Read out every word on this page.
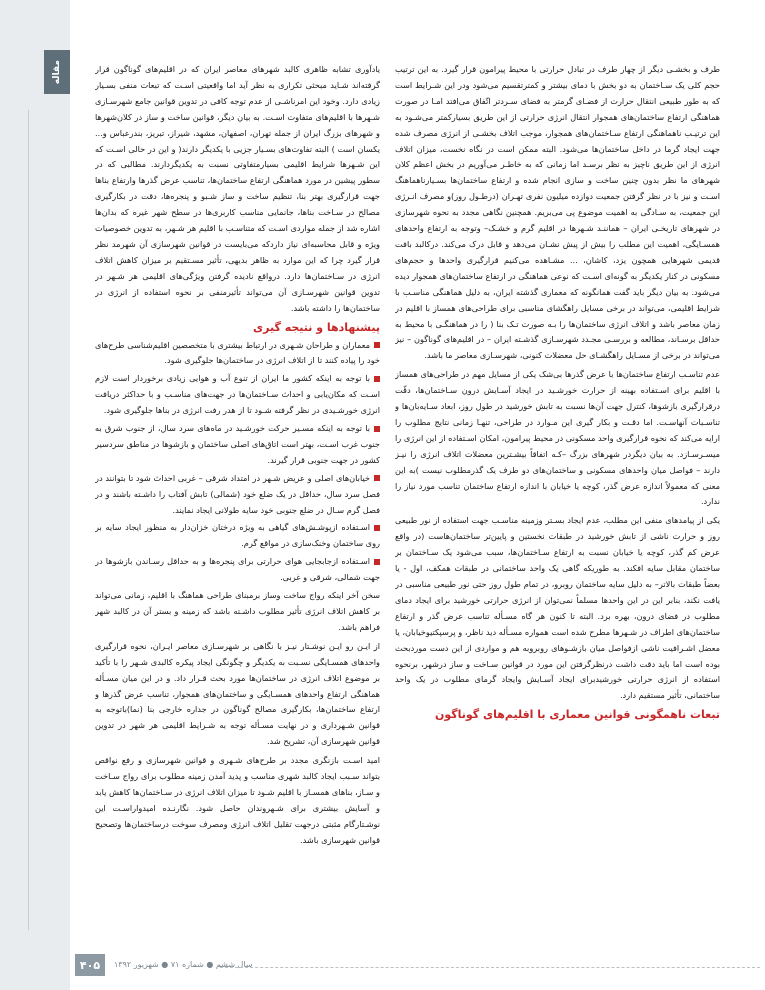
مقاله	طرف و بخشـی دیگر از چهار طرف در تبادل حرارتی با محیط پیرامون قرار گیرد. به این ترتیب حجم کلی یک سـاختمان به دو بخش با دمای بیشتر و کمترتقسیم می‌شود ودر این شـرایط است که به طور طبیعی انتقال حرارت از فضـای گرمتر به فضای سـردتر اتّفاق می‌افتد امـا در صورت هماهنگی ارتفاع ساختمان‌های همجوار انتقال انرژی حرارتی از این طریق بسیارکمتر می‌شـود به این ترتیـب ناهماهنگی ارتفاع سـاختمان‌های همجوار، موجب اتلاف بخشـی از انرژی مصرف شده جهت ایجاد گرما در داخل ساختمان‌ها می‌شود. البته ممکن است در نگاه نخست، میزان اتلاف انرژی از این طریق ناچیز به نظر برسـد اما زمانی که به خاطـر می‌آوریم در بخش اعظم کلان شهرهای ما نظر بدون چنین ساخت و سازی انجام شده و ارتفاع ساختمان‌ها بسـیارناهماهنگ اسـت و نیز با در نظر گرفتن جمعیت دوازده میلیون نفری تهـران (درطـول روز)و مصرف انـرژی این جمعیت، به سـادگی به اهمیت موضوع پی می‌بریم. همچنین نگاهی مجدد به نحوه شهرسازی در شهرهای تاریخـی ایران – هماننـد شـهرها در اقلیم گرم و خشـک– وتوجه به ارتفاع واحدهای همسـایگی، اهمیت این مطلب را بیش از پیش نشـان می‌دهد و قابل درک می‌کند. درکالبد بافت قدیمی شهرهایی همچون یزد، کاشان، ... مشـاهده می‌کنیم قرارگیری واحدها و حجم‌های مسکونی در کنار یکدیگر به گونه‌ای اسـت که نوعی هماهنگی در ارتفاع ساختمان‌های همجوار دیده می‌شود. به بیان دیگر باید گفت همانگونه که معماری گذشته ایران، به دلیل هماهنگی مناسـب با شرایط اقلیمی، می‌تواند در برخی مسایل راهگشای مناسبی برای طراحی‌های همساز با اقلیم در زمان معاصر باشد و اتلاف انرژی ساختمان‌ها را بـه صورت تـک بنا ( را در هماهنگـی با محیط به حداقل برسـاند، مطالعه و بررسـی مجـدد شهرسـازی گذشـته ایران – در اقلیم‌های گوناگون – نیز می‌تواند در برخی از مسـایل راهگشـای حل معضلات کنونی، شهرسـازی معاصر ما باشد.

عدم تناسـب ارتفاع ساختمان‌ها با عرض گذرها بی‌شک یکی از مسایل مهم در طراحی‌های همساز با اقلیم برای اسـتفاده بهینه از حرارت خورشـید در ایجاد آسـایش درون سـاختمان‌ها، دقّت درقرارگیری بازشوها، کنترل جهت آن‌ها نسبت به تابش خورشید در طول روز، ابعاد سـایه‌بان‌ها و تناسـبات آنهاسـت. اما دقـت و بکار گیری این مـوارد در طراحی، تنهـا زمانی نتایج مطلوب را ارایه می‌کند که نحوه قرارگیری واحد مسکونی در محیط پیرامون، امکان اسـتفاده از این انرژی را میسـرسـازد. به بیان دیگردر شهرهای بزرگ –کـه اتفاقاً بیشـترین معضلات اتلاف انرژی را نیـز دارند – فواصل میان واحدهای مسکونی و ساختمان‌های دو طرف یک گذرمطلوب نیست )به این معنی که معمولاً اندازه عرض گذر، کوچه یا خیابان با اندازه ارتفاع ساختمان تناسب مورد نیاز را ندارد.

یکی از پیامدهای منفی این مطلب، عدم ایجاد بسـتر وزمینه مناسـب جهت استفاده از نور طبیعی روز و حرارت ناشی از تابش خورشید در طبقات نخستین و پایین‌تر ساختمان‌هاست (در واقع عرض کم گذر، کوچه یا خیابان نسبت به ارتفاع سـاختمان‌ها، سبب می‌شود یک سـاختمان بر ساختمان مقابل سایه افکند. به طوریکه گاهی یک واحد ساختمانی در طبقات همکف، اول - یا بعضاً طبقات بالاتر– به دلیل سایه ساختمان روبرو، در تمام طول روز حتی نور طبیعی مناسبی در یافت نکند، بنابر این در این واحدها مسلماً نمی‌توان از انرژی حرارتی خورشید برای ایجاد دمای مطلوب در فضای درون، بهره برد. البته تا کنون هر گاه مسـأله تناسب عرض گذر و ارتفاع ساختمان‌های اطراف در شـهرها مطرح شده است همواره مسـأله دید ناظر، و پرسپکتیوخیابان، یا معضل اشـرافیت ناشی ازفواصل میان بازشـوهای روبروبه هم و مواردی از این دست موردبحث بوده است اما باید دقت داشت درنظرگرفتن این مورد در قوانین سـاخت و ساز درشهر، برنحوه استفاده از انرژی حرارتی خورشیدبرای ایجاد آسـایش وایجاد گرمای مطلوب در یک واحد ساختمانی، تأثیر مستقیم دارد.

تبعات ناهمگونی قوانین معماری با اقلیم‌های گوناگون

یادآوری تشابه ظاهری کالبد شهرهای معاصر ایران که در اقلیم‌های گوناگون قرار گرفته‌اند شـاید مبحثی تکراری به نظر آید اما واقعیتی اسـت که تبعات منفی بسـیار زیادی دارد. وخود این امرناشـی از عدم توجه کافی در تدوین قوانین جامع شهرسـازی شـهرها با اقلیم‌های متفاوت اسـت. به بیان دیگر، قوانین ساخت و ساز در کلان‌شهرها و شهرهای بزرگ ایران از جمله تهران، اصفهان، مشهد، شیراز، تبریز، بندرعباس و... یکسان است ) البته تفاوت‌های بسـیار جزیی با یکدیگر دارند( و این در حالی اسـت که این شـهرها شرایط اقلیمی بسیارمتفاوتی نسبت به یکدیگردارند. مطالبی که در سطور پیشین در مورد هماهنگی ارتفاع ساختمان‌ها، تناسب عرض گذرها وارتفاع بناها جهت قرارگیری بهتر بنا، تنظیم ساخت و ساز شـبو و پنجره‌ها، دقت در بکارگیری مصالح در سـاخت بناها، جانمایی مناسب کاربری‌ها در سطح شهر غیره که بدان‌ها اشاره شد از جمله مواردی اسـت که متناسـب با اقلیم هر شـهر، به تدوین خصوصیات ویژه و قابل محاسبه‌ای نیاز داردکه می‌بایست در قوانین شهرسازی آن شهرمد نظر قرار گیرد چرا که این موارد به ظاهر بدیهی، تأثیر مسـتقیم بر میزان کاهش اتلاف انرژی در سـاختمان‌ها دارد. درواقع نادیده گرفتن ویژگی‌های اقلیمی هر شـهر در تدوین قوانین شهرسـازی آن می‌تواند تأثیرمنفی بر نحوه استفاده از انرژی در ساختمان‌ها را داشته باشد.

پیشنهادها و نتیجه گیری
معماران و طراحان شـهری در ارتباط بیشتری با متخصصین اقلیم‌شناسی طرح‌های خود را پیاده کنند تا از اتلاف انرژی در ساختمان‌ها جلوگیری شود.
با توجه به اینکه کشور ما ایران از تنوع آب و هوایی زیادی برخوردار است لازم اسـت که مکان‌یابی و احداث سـاختمان‌ها در جهت‌های مناسـب و با حداکثر دریافت انرژی خورشـیدی در نظر گرفته شـود تا از هدر رفت انرژی در بناها جلوگیری شود.
با توجه به اینکه مسـیر حرکت خورشـید در ماه‌های سرد سال، از جنوب شرق به جنوب غرب اسـت، بهتر است اتاق‌های اصلی ساختمان و بازشوها در مناطق سردسیر کشور در جهت جنوبی قرار گیرند.
خیابان‌های اصلی و عریض شـهر در امتداد شرقی – غربی احداث شود تا بتوانند در فصل سرد سال، حداقل در یک ضلع خود (شمالی) تابش آفتاب را داشـته باشند و در فصل گرم سـال در ضلع جنوبی خود سایه طولانی ایجاد نمایند.
اسـتفاده ازپوشـش‌های گیاهی به ویژه درختان خزان‌دار به منظور ایجاد سایه بر روی ساختمان وخنک‌سازی در مواقع گرم.
اسـتفاده ازجابجایی هوای حرارتی برای پنجره‌ها و به حداقل رسـاندن بازشوها در جهت شمالی، شرقی و غربی.

سخن آخر اینکه رواج ساخت وساز برمبنای طراحی هماهنگ با اقلیم، زمانی می‌تواند بر کاهش اتلاف انرژی تأثیر مطلوب داشـته باشد که زمینه و بستر آن در کالبد شهر فراهم باشد.

از ایـن رو ایـن نوشـتار نیـز با نگاهی بر شهرسـازی معاصر ایـران، نحوه قرارگیری واحدهای همسـایگی نسـبت به یکدیگر و چگونگی ایجاد پیکره کالبدی شـهر را با تأکید بر موضوع اتلاف انرژی در ساختمان‌ها مورد بحث قـرار داد. و در این میان مسـأله هماهنگی ارتفاع واحدهای همسـایگی و ساختمان‌های همجوار، تناسب عرض گذرها و ارتفاع ساختمان‌ها، بکارگیری مصالح گوناگون در جداره خارجی بنا (نما)باتوجه به قوانین شـهرداری و در نهایت مسـأله توجه به شـرایط اقلیمی هر شهر در تدوین قوانین شهرسازی آن، تشریح شد.

امید اسـت بازنگری مجدد بر طرح‌های شـهری و قوانین شهرسازی و رفع نواقص بتواند سـبب ایجاد کالبد شهری مناسب و پدید آمدن زمینه مطلوب برای رواج سـاخت و سـاز، بناهای همسـاز با اقلیم شـود تا میزان اتلاف انرژی در سـاختمان‌ها کاهش یابد و آسایش بیشتری برای شـهروندان حاصل شود. نگارنـده امیدواراسـت این نوشـتارگام مثبتی درجهت تقلیل اتلاف انرژی ومصرف سوخت درساختمان‌ها وتصحیح قوانین شهرسازی باشد.

۴۰۵	سال ششم ● شماره ۷۱ ● شهریور ۱۳۹۲
